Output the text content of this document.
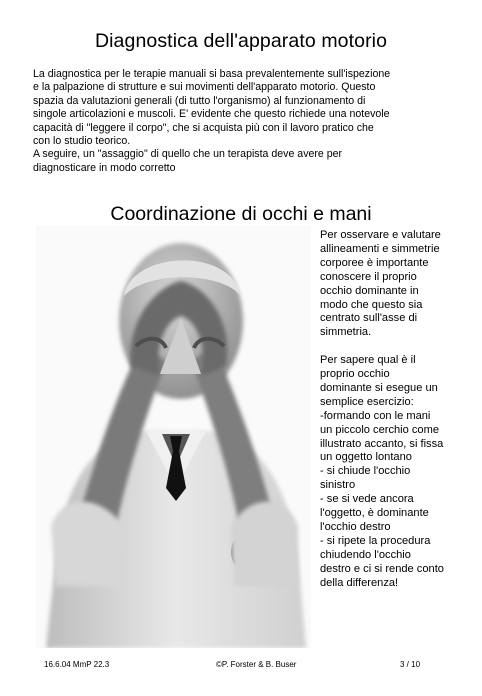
Diagnostica dell'apparato motorio

La diagnostica per le terapie manuali si basa prevalentemente sull'ispezione

e la palpazione di strutture e sui movimenti dell'apparato motorio. Questo

spazia da valutazioni generali (di tutto l'organismo) al funzionamento di

singole articolazioni e muscoli. E' evidente che questo richiede una notevole

capacità di "leggere il corpo", che si acquista più con il lavoro pratico che

con lo studio teorico.

A seguire, un "assaggio" di quello che un terapista deve avere per

diagnosticare in modo corretto

Coordinazione di occhi e mani

Per osservare e valutare

allineamenti e simmetrie

corporee è importante

conoscere il proprio

occhio dominante in

modo che questo sia

centrato sull'asse di

simmetria.

Per sapere qual è il

proprio occhio

dominante si esegue un

semplice esercizio:

-formando con le mani

un piccolo cerchio come

illustrato accanto, si fissa

un oggetto lontano

- si chiude l'occhio

sinistro

- se si vede ancora

l'oggetto, è dominante

l'occhio destro

- si ripete la procedura

chiudendo l'occhio

destro e ci si rende conto

della differenza!

16.6.04 MmP 22.3	©P. Forster & B. Buser	3 / 10
